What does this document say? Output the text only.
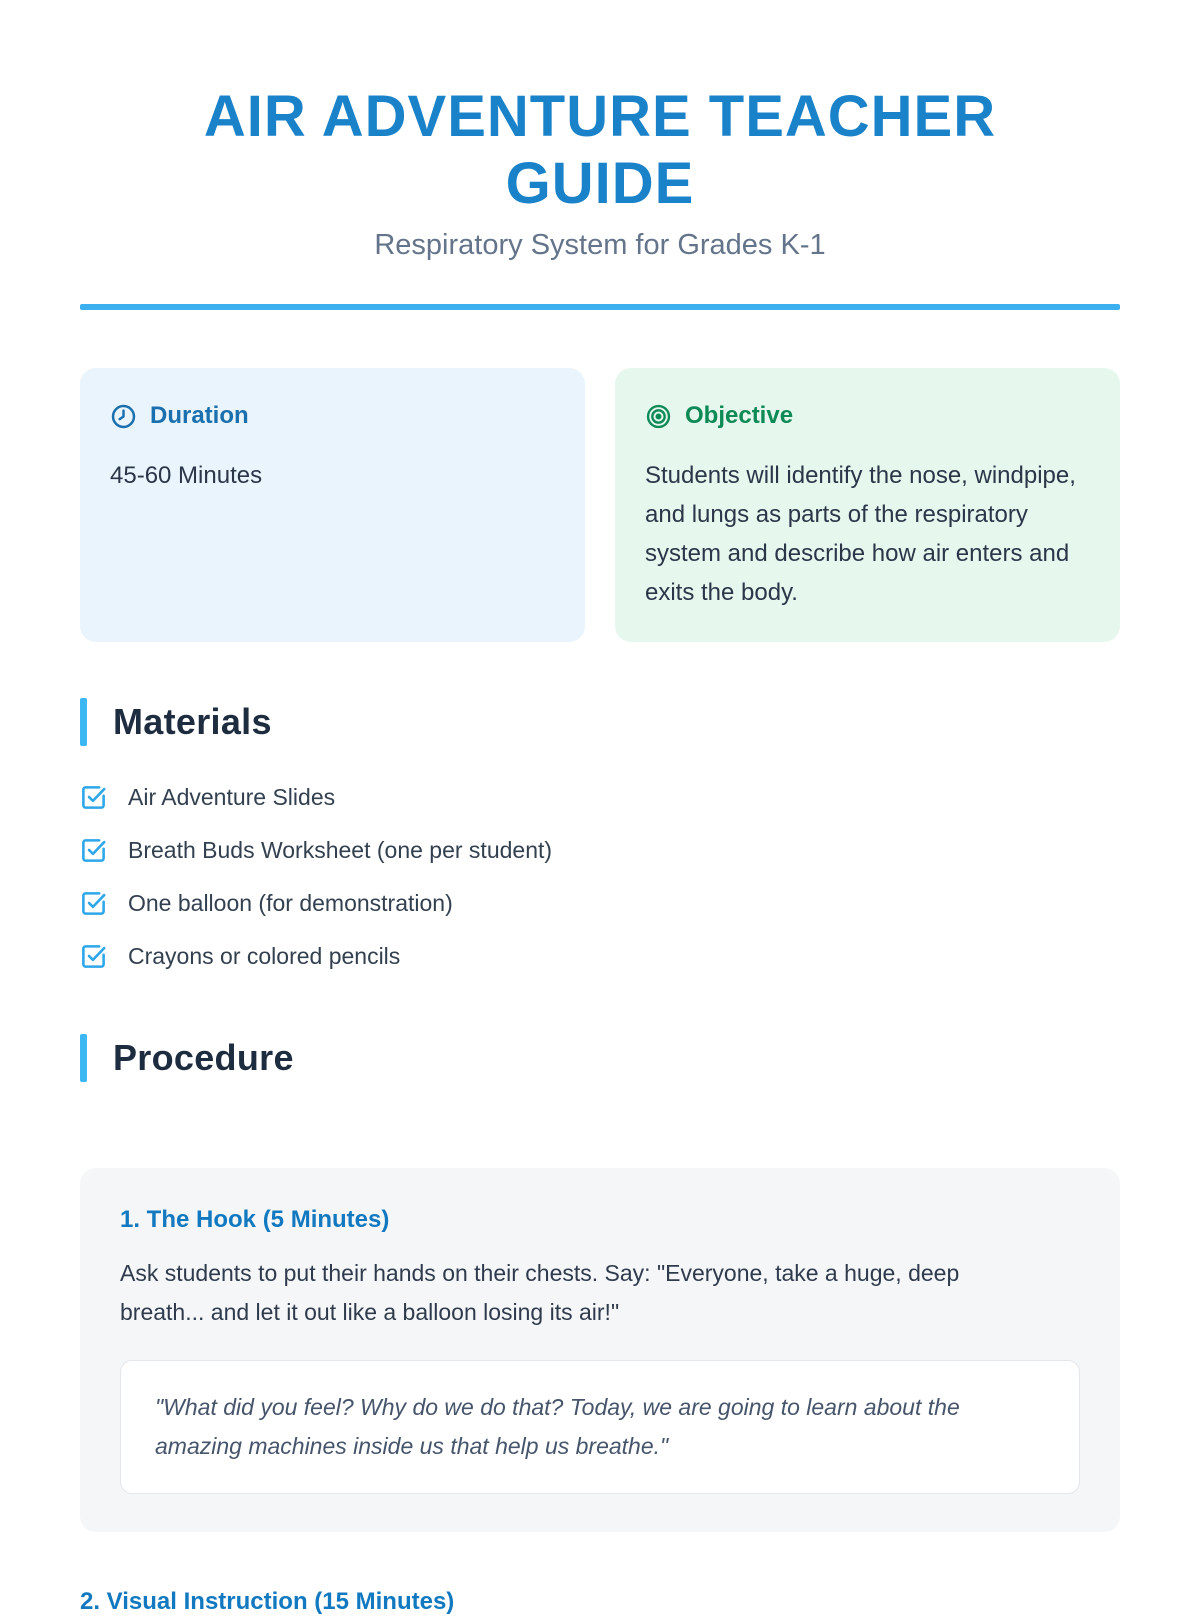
AIR ADVENTURE TEACHER GUIDE
Respiratory System for Grades K-1
Duration
45-60 Minutes
Objective
Students will identify the nose, windpipe, and lungs as parts of the respiratory system and describe how air enters and exits the body.
Materials
Air Adventure Slides
Breath Buds Worksheet (one per student)
One balloon (for demonstration)
Crayons or colored pencils
Procedure
1. The Hook (5 Minutes)
Ask students to put their hands on their chests. Say: "Everyone, take a huge, deep breath... and let it out like a balloon losing its air!"
"What did you feel? Why do we do that? Today, we are going to learn about the amazing machines inside us that help us breathe."
2. Visual Instruction (15 Minutes)
